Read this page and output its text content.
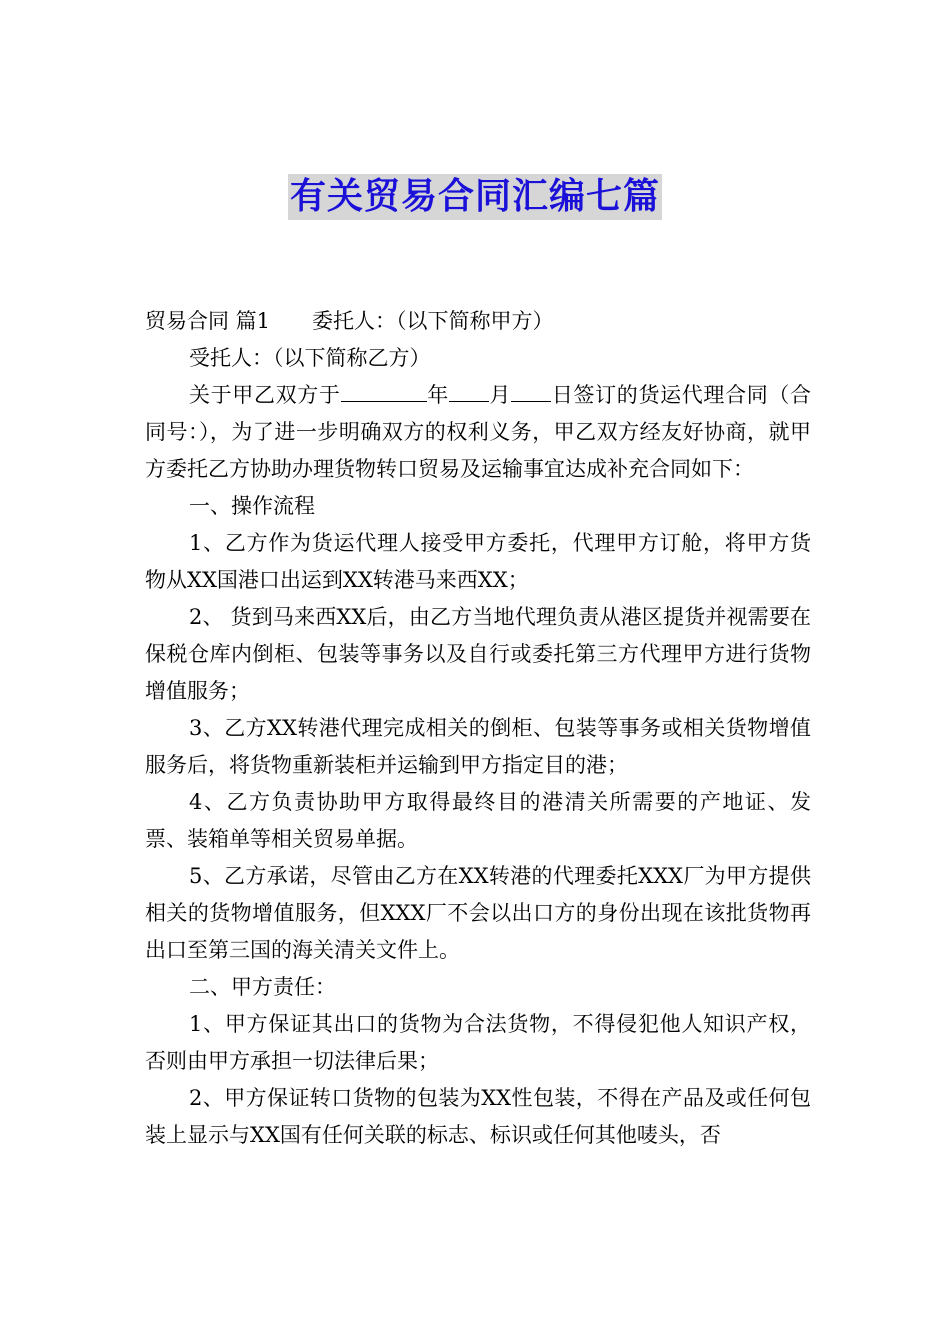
有关贸易合同汇编七篇

贸易合同 篇1 委托人：（以下简称甲方）

受托人：（以下简称乙方）

关于甲乙双方于	年 月 日签订的货运代理合同（合同号：），为了进一步明确双方的权利义务，甲乙双方经友好协商，就甲方委托乙方协助办理货物转口贸易及运输事宜达成补充合同如下：

一、操作流程

1、乙方作为货运代理人接受甲方委托，代理甲方订舱，将甲方货物从XX国港口出运到XX转港马来西XX；

2、 货到马来西XX后，由乙方当地代理负责从港区提货并视需要在保税仓库内倒柜、包装等事务以及自行或委托第三方代理甲方进行货物增值服务；

3、乙方XX转港代理完成相关的倒柜、包装等事务或相关货物增值服务后，将货物重新装柜并运输到甲方指定目的港；

4、乙方负责协助甲方取得最终目的港清关所需要的产地证、发票、装箱单等相关贸易单据。

5、乙方承诺，尽管由乙方在XX转港的代理委托XXX厂为甲方提供相关的货物增值服务，但XXX厂不会以出口方的身份出现在该批货物再出口至第三国的海关清关文件上。

二、甲方责任：

1、甲方保证其出口的货物为合法货物，不得侵犯他人知识产权，否则由甲方承担一切法律后果；

2、甲方保证转口货物的包装为XX性包装，不得在产品及或任何包装上显示与XX国有任何关联的标志、标识或任何其他唛头，否
